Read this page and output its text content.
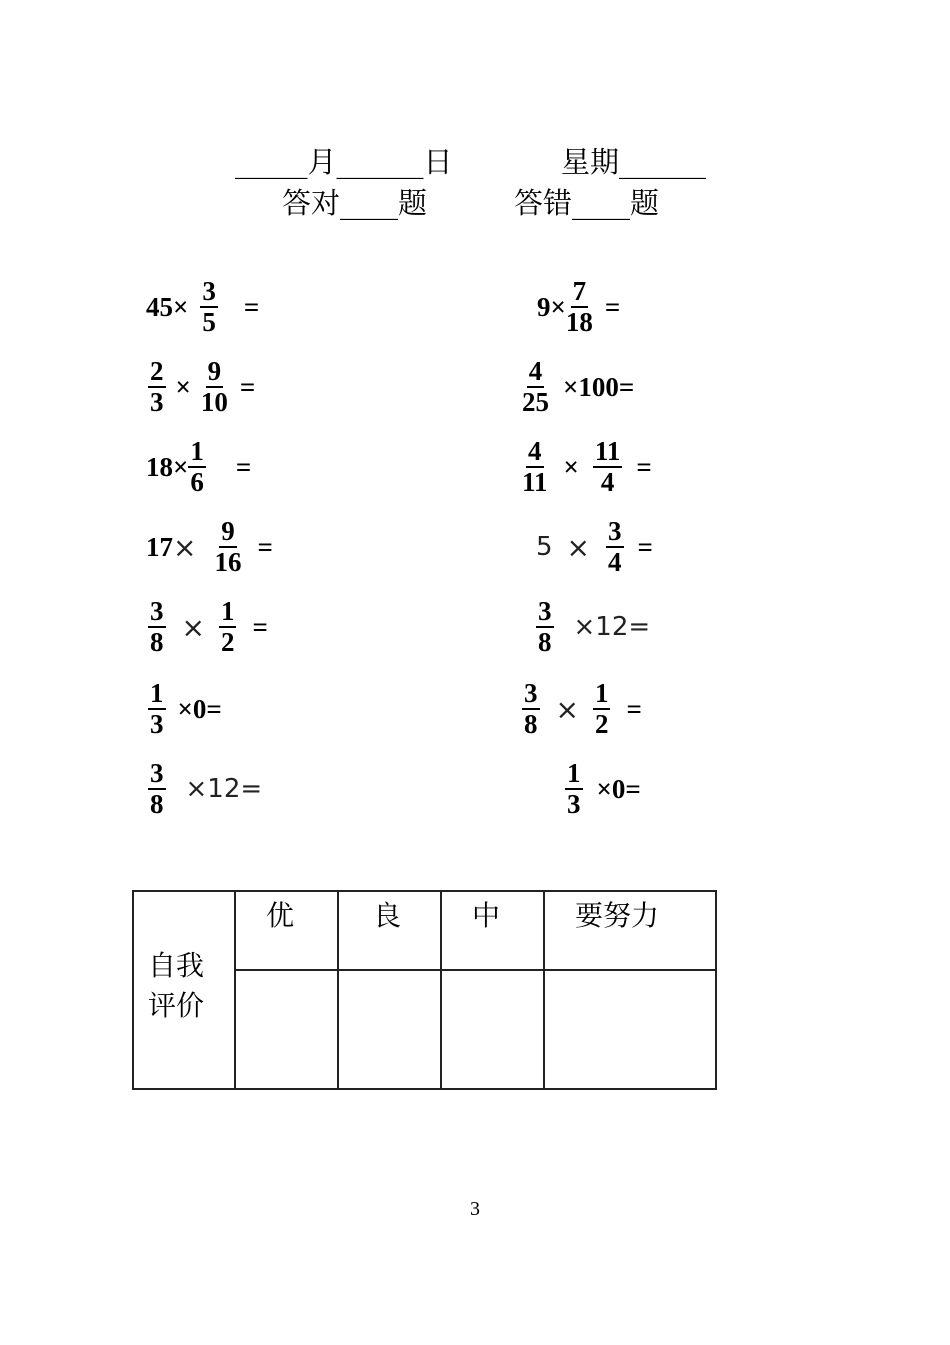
_____月______日	星期______
答对____题	答错____题
$45\times \frac{3}{5}$ =
$\frac{2}{3} \times \frac{9}{10}$ =
$18\times \frac{1}{6}$ =
$17 \times \frac{9}{16}$ =
$\frac{3}{8} \times \frac{1}{2}$ =
$\frac{1}{3} \times 0=$
$\frac{3}{8} \times 12=$
$9\times \frac{7}{18}$ =
$\frac{4}{25} \times 100=$
$\frac{4}{11} \times \frac{11}{4}$ =
$5 \times \frac{3}{4}$ =
$\frac{3}{8} \times 12=$
$\frac{3}{8} \times \frac{1}{2}$ =
$\frac{1}{3} \times 0=$
自我
评价	优	良	中	要努力

3
